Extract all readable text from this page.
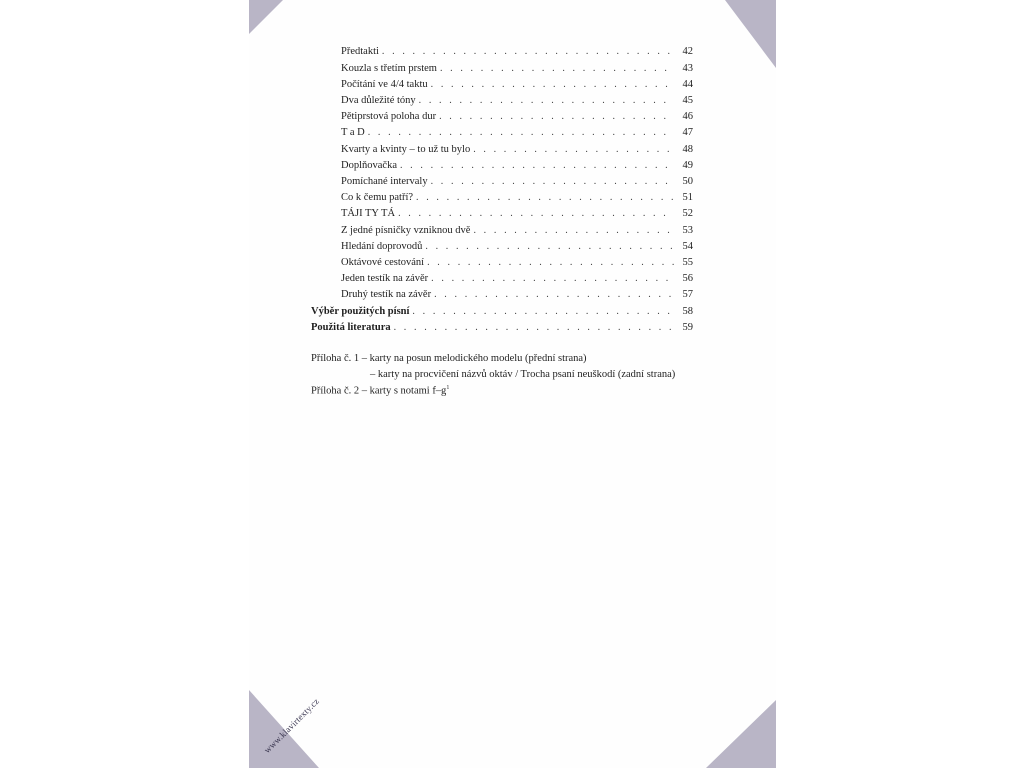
www.klavirtexty.cz
Předtakti . . .	42
Kouzla s třetím prstem . . .	43
Počítání ve 4/4 taktu . . .	44
Dva důležité tóny . . .	45
Pětiprstová poloha dur . . .	46
T a D . . .	47
Kvarty a kvinty – to už tu bylo . . .	48
Doplňovačka . . .	49
Pomíchané intervaly . . .	50
Co k čemu patří? . . .	51
TÁJI TY TÁ . . .	52
Z jedné písničky vzniknou dvě . . .	53
Hledání doprovodů . . .	54
Oktávové cestování . . .	55
Jeden testík na závěr . . .	56
Druhý testík na závěr . . .	57
Výběr použitých písní . . .	58
Použitá literatura . . .	59
Příloha č. 1 – karty na posun melodického modelu (přední strana)
– karty na procvičení názvů oktáv / Trocha psaní neuškodí (zadní strana)
Příloha č. 2 – karty s notami $f-g^1$
